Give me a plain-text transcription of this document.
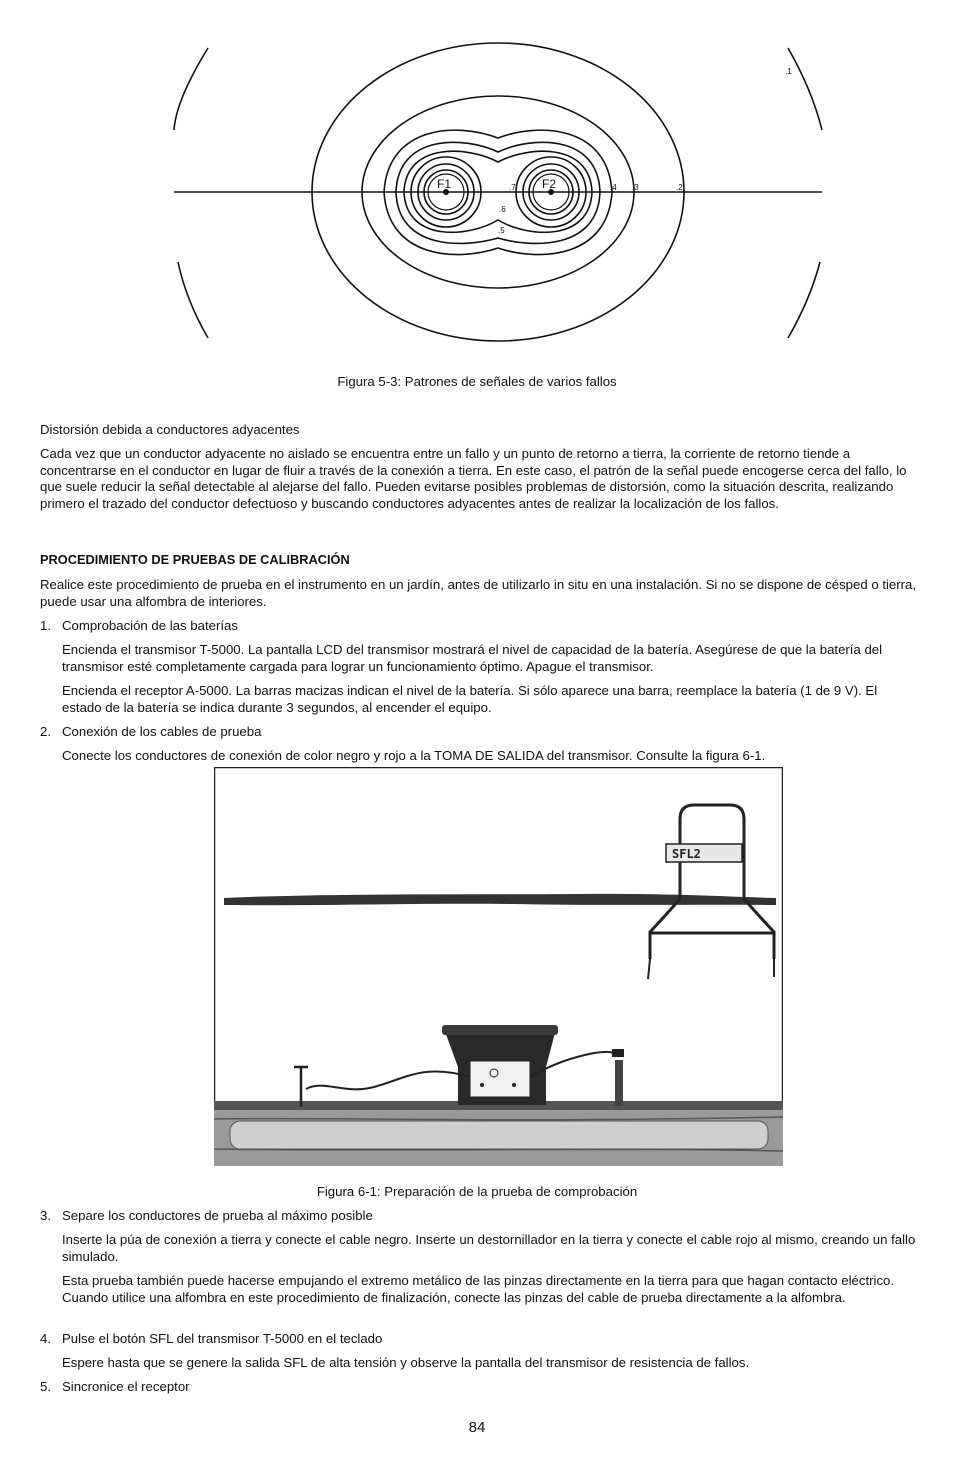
F1	F2
.1
.2
.3
.4
.5
.6
.7
Figura 5-3: Patrones de señales de varios fallos
Distorsión debida a conductores adyacentes
Cada vez que un conductor adyacente no aislado se encuentra entre un fallo y un punto de retorno a tierra, la corriente de retorno tiende a concentrarse en el conductor en lugar de fluir a través de la conexión a tierra. En este caso, el patrón de la señal puede encogerse cerca del fallo, lo que suele reducir la señal detectable al alejarse del fallo. Pueden evitarse posibles problemas de distorsión, como la situación descrita, realizando primero el trazado del conductor defectuoso y buscando conductores adyacentes antes de realizar la localización de los fallos.
PROCEDIMIENTO DE PRUEBAS DE CALIBRACIÓN
Realice este procedimiento de prueba en el instrumento en un jardín, antes de utilizarlo in situ en una instalación. Si no se dispone de césped o tierra, puede usar una alfombra de interiores.
1. Comprobación de las baterías
Encienda el transmisor T-5000. La pantalla LCD del transmisor mostrará el nivel de capacidad de la batería. Asegúrese de que la batería del transmisor esté completamente cargada para lograr un funcionamiento óptimo. Apague el transmisor.
Encienda el receptor A-5000. La barras macizas indican el nivel de la batería. Si sólo aparece una barra, reemplace la batería (1 de 9 V). El estado de la batería se indica durante 3 segundos, al encender el equipo.
2. Conexión de los cables de prueba
Conecte los conductores de conexión de color negro y rojo a la TOMA DE SALIDA del transmisor. Consulte la figura 6-1.
SFL2
Figura 6-1: Preparación de la prueba de comprobación
3. Separe los conductores de prueba al máximo posible
Inserte la púa de conexión a tierra y conecte el cable negro. Inserte un destornillador en la tierra y conecte el cable rojo al mismo, creando un fallo simulado.
Esta prueba también puede hacerse empujando el extremo metálico de las pinzas directamente en la tierra para que hagan contacto eléctrico. Cuando utilice una alfombra en este procedimiento de finalización, conecte las pinzas del cable de prueba directamente a la alfombra.
4. Pulse el botón SFL del transmisor T-5000 en el teclado
Espere hasta que se genere la salida SFL de alta tensión y observe la pantalla del transmisor de resistencia de fallos.
5. Sincronice el receptor
84
